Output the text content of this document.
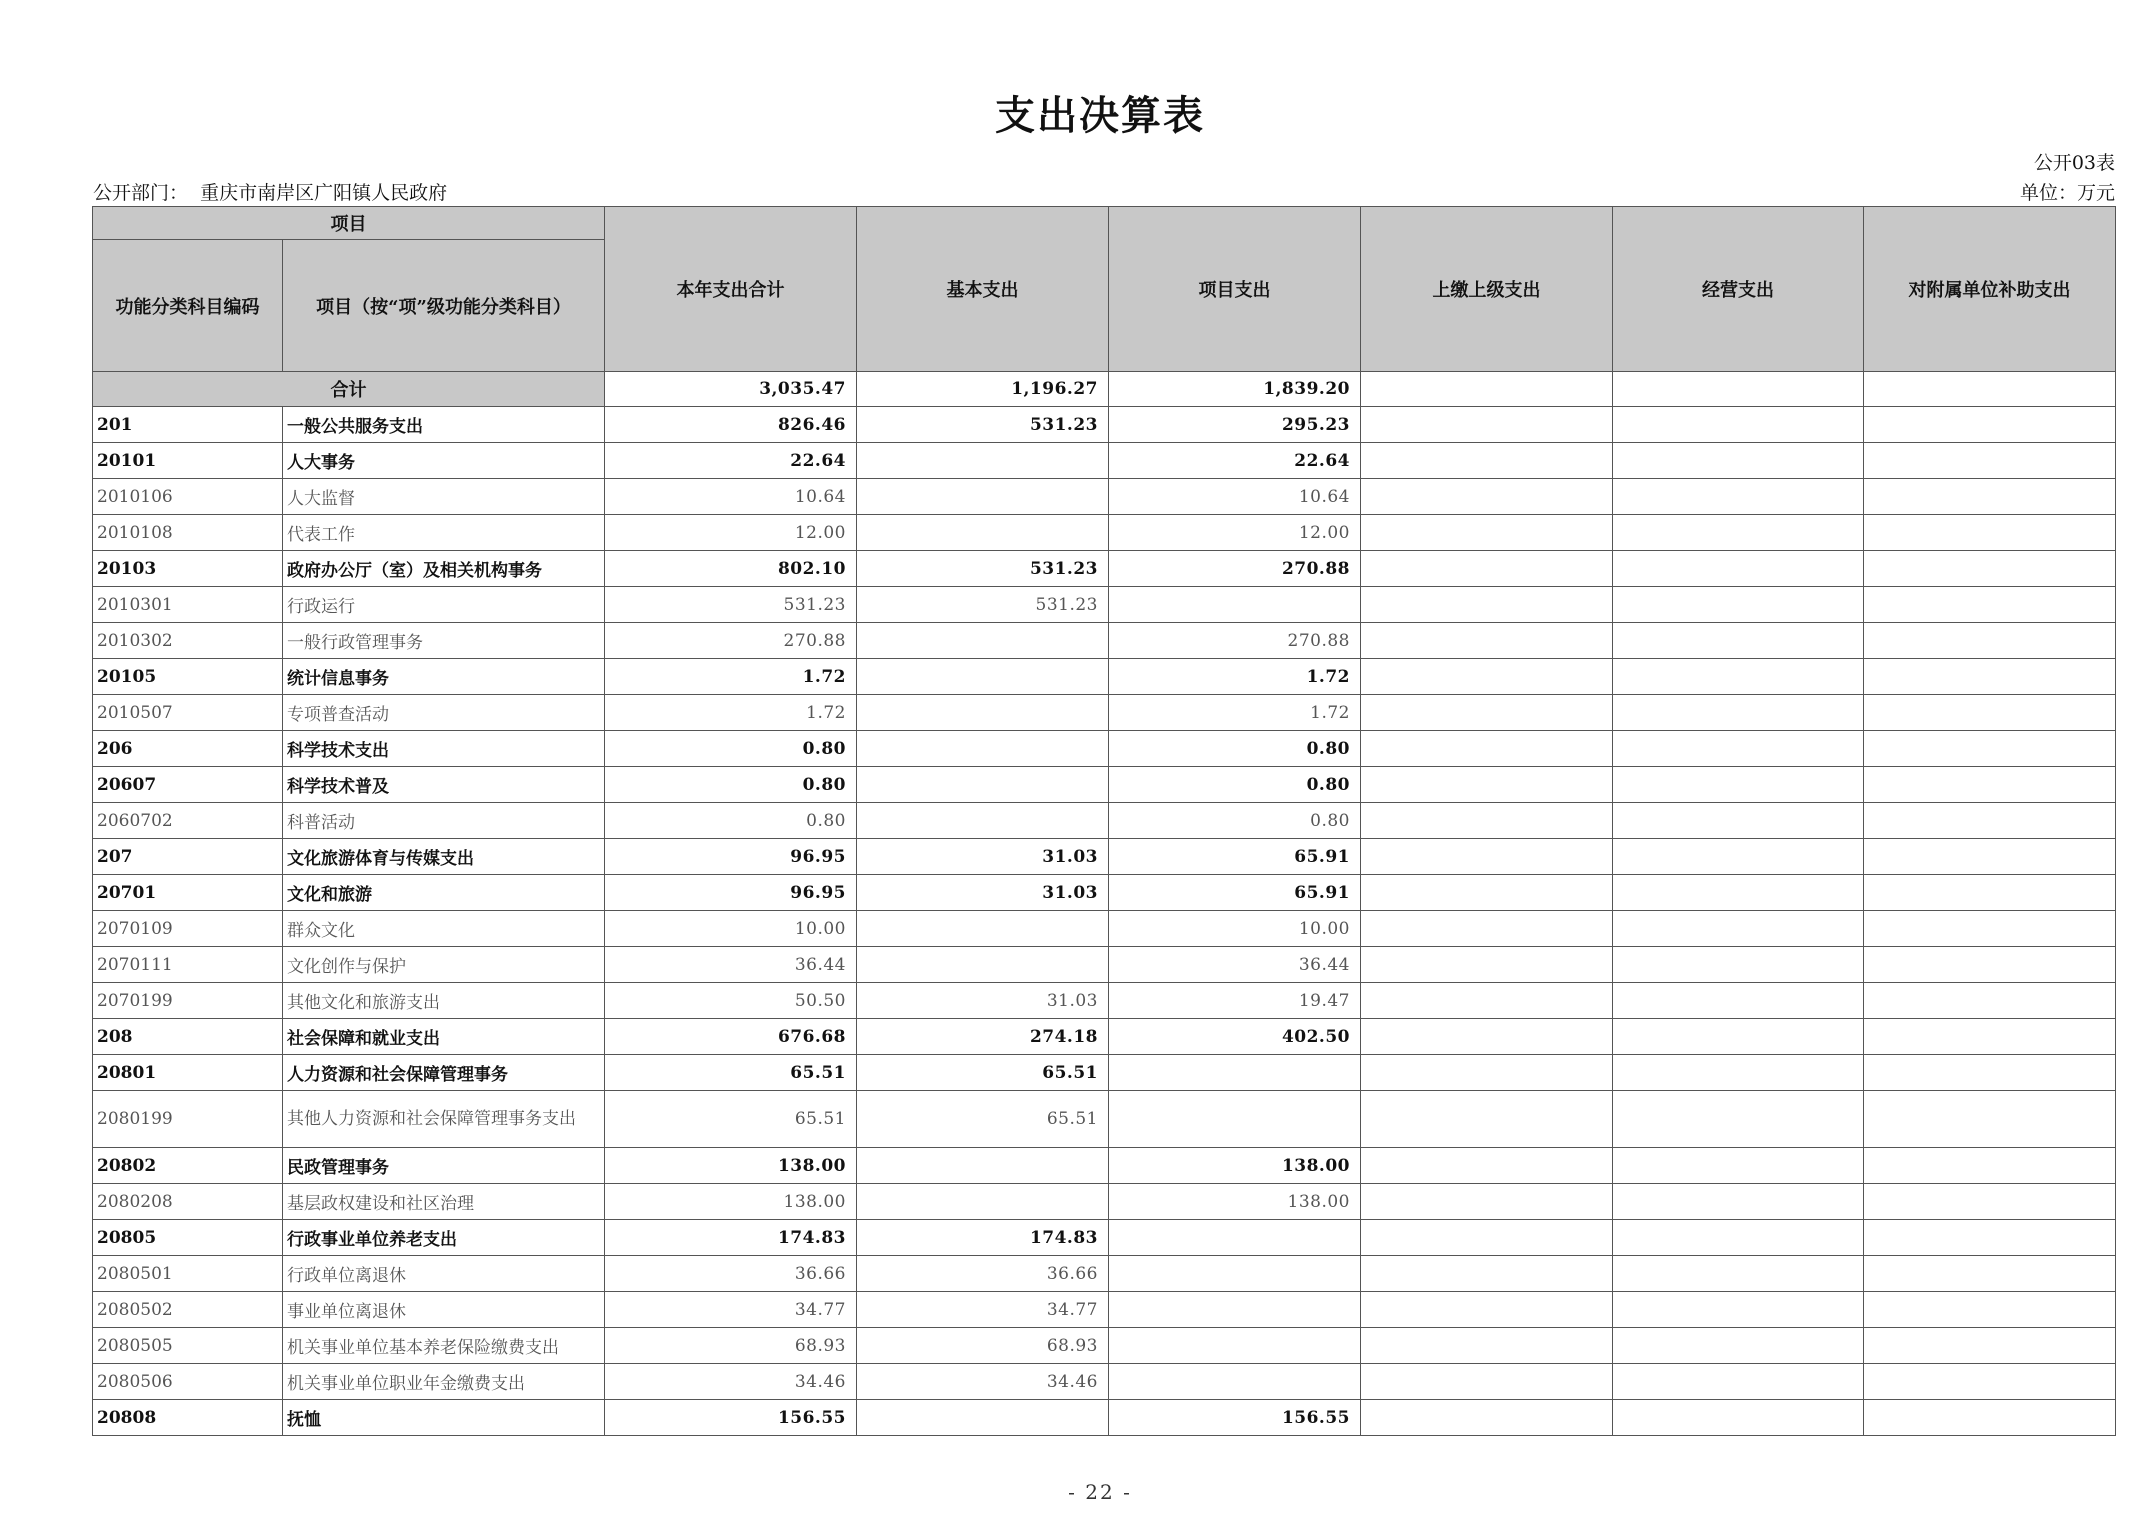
支出决算表
公开03表
公开部门： 重庆市南岸区广阳镇人民政府	单位：万元
项目		本年支出合计	基本支出	项目支出	上缴上级支出	经营支出	对附属单位补助支出
功能分类科目编码	项目（按“项”级功能分类科目）						
合计		3,035.47	1,196.27	1,839.20			
201	一般公共服务支出	826.46	531.23	295.23			
20101	人大事务	22.64		22.64			
2010106	人大监督	10.64		10.64			
2010108	代表工作	12.00		12.00			
20103	政府办公厅（室）及相关机构事务	802.10	531.23	270.88			
2010301	行政运行	531.23	531.23				
2010302	一般行政管理事务	270.88		270.88			
20105	统计信息事务	1.72		1.72			
2010507	专项普查活动	1.72		1.72			
206	科学技术支出	0.80		0.80			
20607	科学技术普及	0.80		0.80			
2060702	科普活动	0.80		0.80			
207	文化旅游体育与传媒支出	96.95	31.03	65.91			
20701	文化和旅游	96.95	31.03	65.91			
2070109	群众文化	10.00		10.00			
2070111	文化创作与保护	36.44		36.44			
2070199	其他文化和旅游支出	50.50	31.03	19.47			
208	社会保障和就业支出	676.68	274.18	402.50			
20801	人力资源和社会保障管理事务	65.51	65.51				
2080199	其他人力资源和社会保障管理事务支出	65.51	65.51				
20802	民政管理事务	138.00		138.00			
2080208	基层政权建设和社区治理	138.00		138.00			
20805	行政事业单位养老支出	174.83	174.83				
2080501	行政单位离退休	36.66	36.66				
2080502	事业单位离退休	34.77	34.77				
2080505	机关事业单位基本养老保险缴费支出	68.93	68.93				
2080506	机关事业单位职业年金缴费支出	34.46	34.46				
20808	抚恤	156.55		156.55			
- 22 -
